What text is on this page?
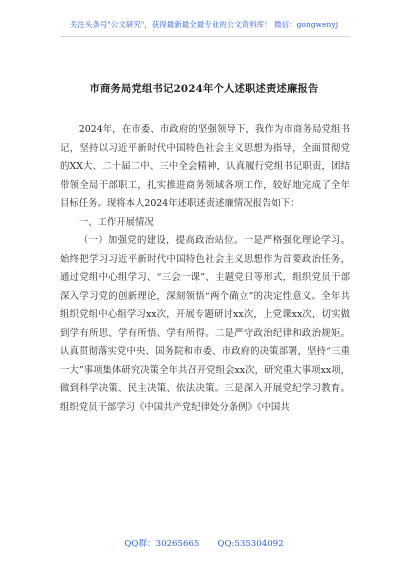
关注头条号"公文研究"，获得最新最全最专业的公文资料库！ 微信：gongwenyj
市商务局党组书记2024年个人述职述责述廉报告

2024年，在市委、市政府的坚强领导下，我作为市商务局党组书记，坚持以习近平新时代中国特色社会主义思想为指导，全面贯彻党的XX大、二十届二中、三中全会精神，认真履行党组书记职责，团结带领全局干部职工，扎实推进商务领域各项工作，较好地完成了全年目标任务。现将本人2024年述职述责述廉情况报告如下：

一、工作开展情况

（一）加强党的建设，提高政治站位。一是严格强化理论学习。始终把学习习近平新时代中国特色社会主义思想作为首要政治任务，通过党组中心组学习、“三会一课”、主题党日等形式，组织党员干部深入学习党的创新理论，深刻领悟“两个确立”的决定性意义。全年共组织党组中心组学习xx次，开展专题研讨xx次，上党课xx次，切实做到学有所思、学有所悟、学有所得。二是严守政治纪律和政治规矩。认真贯彻落实党中央、国务院和市委、市政府的决策部署，坚持“三重一大”事项集体研究决策全年共召开党组会xx次，研究重大事项xx项，做到科学决策、民主决策、依法决策。三是深入开展党纪学习教育。组织党员干部学习《中国共产党纪律处分条例》《中国共

QQ群：30265665 QQ:535304092
